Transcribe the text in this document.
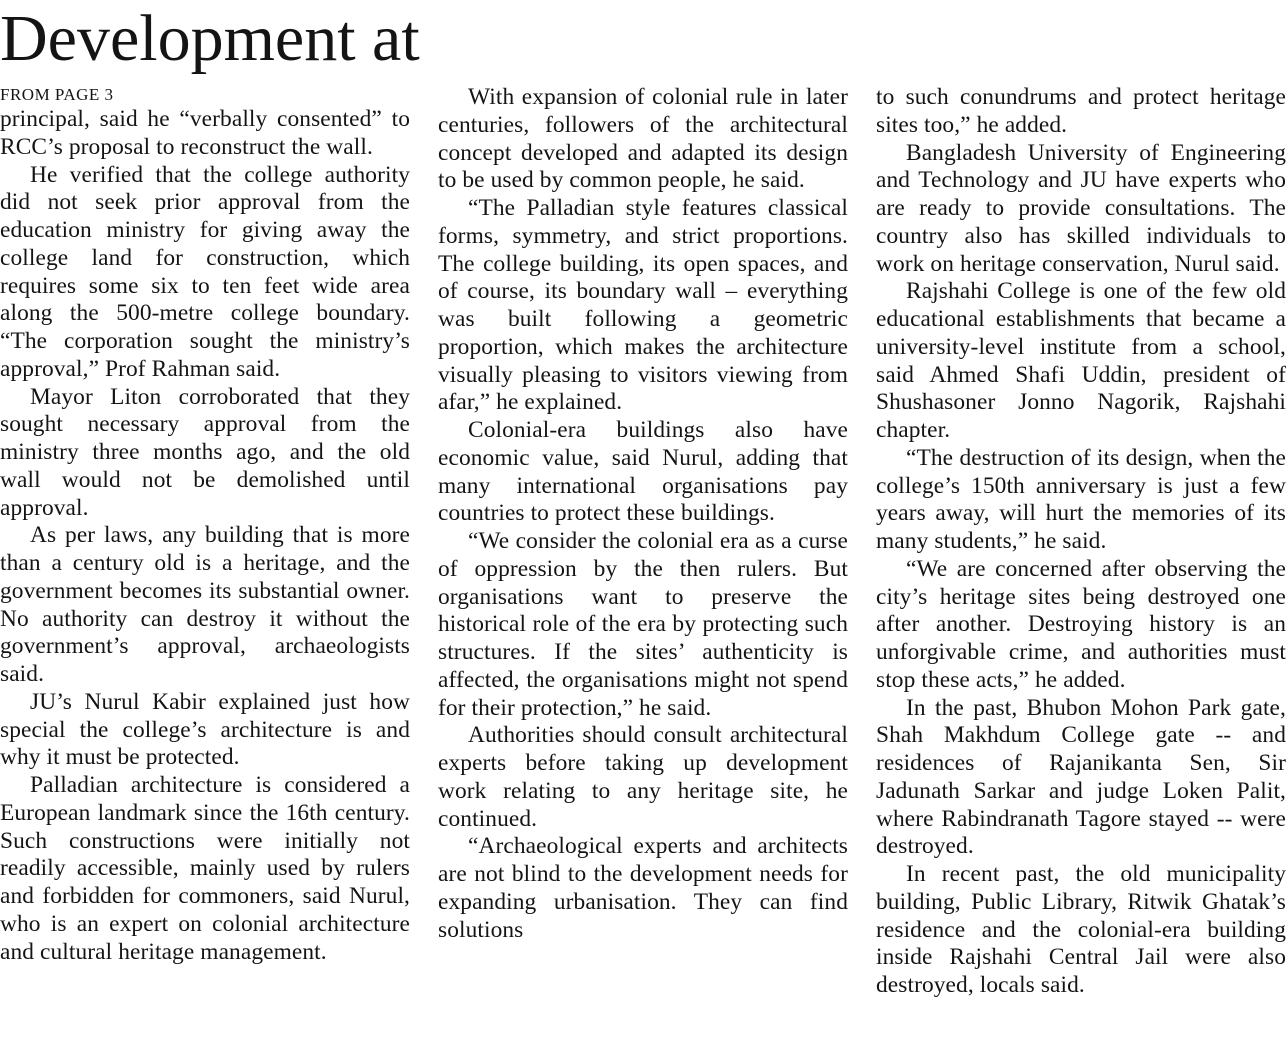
Development at
FROM PAGE 3

principal, said he “verbally consented” to RCC’s proposal to reconstruct the wall.

He verified that the college authority did not seek prior approval from the education ministry for giving away the college land for construction, which requires some six to ten feet wide area along the 500-metre college boundary. “The corporation sought the ministry’s approval,” Prof Rahman said.

Mayor Liton corroborated that they sought necessary approval from the ministry three months ago, and the old wall would not be demolished until approval.

As per laws, any building that is more than a century old is a heritage, and the government becomes its substantial owner. No authority can destroy it without the government’s approval, archaeologists said.

JU’s Nurul Kabir explained just how special the college’s architecture is and why it must be protected.

Palladian architecture is considered a European landmark since the 16th century. Such constructions were initially not readily accessible, mainly used by rulers and forbidden for commoners, said Nurul, who is an expert on colonial architecture and cultural heritage management.

With expansion of colonial rule in later centuries, followers of the architectural concept developed and adapted its design to be used by common people, he said.

“The Palladian style features classical forms, symmetry, and strict proportions. The college building, its open spaces, and of course, its boundary wall – everything was built following a geometric proportion, which makes the architecture visually pleasing to visitors viewing from afar,” he explained.

Colonial-era buildings also have economic value, said Nurul, adding that many international organisations pay countries to protect these buildings.

“We consider the colonial era as a curse of oppression by the then rulers. But organisations want to preserve the historical role of the era by protecting such structures. If the sites’ authenticity is affected, the organisations might not spend for their protection,” he said.

Authorities should consult architectural experts before taking up development work relating to any heritage site, he continued.

“Archaeological experts and architects are not blind to the development needs for expanding urbanisation. They can find solutions

to such conundrums and protect heritage sites too,” he added.

Bangladesh University of Engineering and Technology and JU have experts who are ready to provide consultations. The country also has skilled individuals to work on heritage conservation, Nurul said.

Rajshahi College is one of the few old educational establishments that became a university-level institute from a school, said Ahmed Shafi Uddin, president of Shushasoner Jonno Nagorik, Rajshahi chapter.

“The destruction of its design, when the college’s 150th anniversary is just a few years away, will hurt the memories of its many students,” he said.

“We are concerned after observing the city’s heritage sites being destroyed one after another. Destroying history is an unforgivable crime, and authorities must stop these acts,” he added.

In the past, Bhubon Mohon Park gate, Shah Makhdum College gate -- and residences of Rajanikanta Sen, Sir Jadunath Sarkar and judge Loken Palit, where Rabindranath Tagore stayed -- were destroyed.

In recent past, the old municipality building, Public Library, Ritwik Ghatak’s residence and the colonial-era building inside Rajshahi Central Jail were also destroyed, locals said.
